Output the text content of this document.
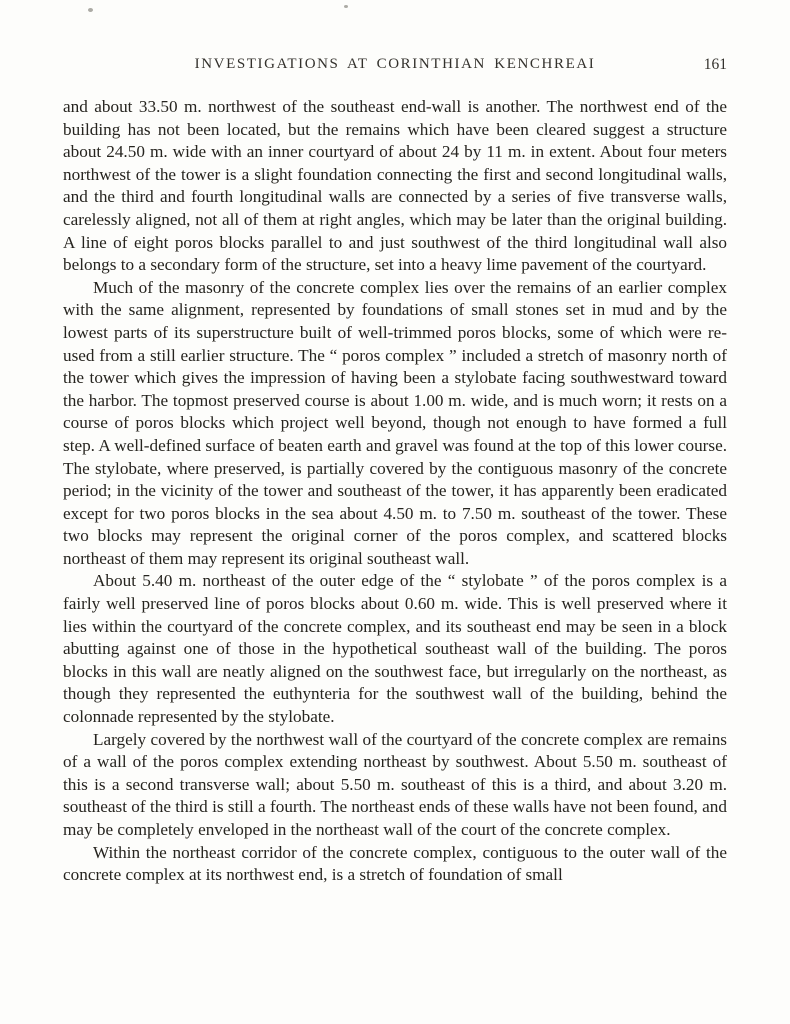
INVESTIGATIONS AT CORINTHIAN KENCHREAI	161

and about 33.50 m. northwest of the southeast end-wall is another. The northwest end of the building has not been located, but the remains which have been cleared suggest a structure about 24.50 m. wide with an inner courtyard of about 24 by 11 m. in extent. About four meters northwest of the tower is a slight foundation connecting the first and second longitudinal walls, and the third and fourth longitudinal walls are connected by a series of five transverse walls, carelessly aligned, not all of them at right angles, which may be later than the original building. A line of eight poros blocks parallel to and just southwest of the third longitudinal wall also belongs to a secondary form of the structure, set into a heavy lime pavement of the courtyard.

Much of the masonry of the concrete complex lies over the remains of an earlier complex with the same alignment, represented by foundations of small stones set in mud and by the lowest parts of its superstructure built of well-trimmed poros blocks, some of which were re-used from a still earlier structure. The “ poros complex ” included a stretch of masonry north of the tower which gives the impression of having been a stylobate facing southwestward toward the harbor. The topmost preserved course is about 1.00 m. wide, and is much worn; it rests on a course of poros blocks which project well beyond, though not enough to have formed a full step. A well-defined surface of beaten earth and gravel was found at the top of this lower course. The stylobate, where preserved, is partially covered by the contiguous masonry of the concrete period; in the vicinity of the tower and southeast of the tower, it has apparently been eradicated except for two poros blocks in the sea about 4.50 m. to 7.50 m. southeast of the tower. These two blocks may represent the original corner of the poros complex, and scattered blocks northeast of them may represent its original southeast wall.

About 5.40 m. northeast of the outer edge of the “ stylobate ” of the poros complex is a fairly well preserved line of poros blocks about 0.60 m. wide. This is well preserved where it lies within the courtyard of the concrete complex, and its southeast end may be seen in a block abutting against one of those in the hypothetical southeast wall of the building. The poros blocks in this wall are neatly aligned on the southwest face, but irregularly on the northeast, as though they represented the euthynteria for the southwest wall of the building, behind the colonnade represented by the stylobate.

Largely covered by the northwest wall of the courtyard of the concrete complex are remains of a wall of the poros complex extending northeast by southwest. About 5.50 m. southeast of this is a second transverse wall; about 5.50 m. southeast of this is a third, and about 3.20 m. southeast of the third is still a fourth. The northeast ends of these walls have not been found, and may be completely enveloped in the northeast wall of the court of the concrete complex.

Within the northeast corridor of the concrete complex, contiguous to the outer wall of the concrete complex at its northwest end, is a stretch of foundation of small
